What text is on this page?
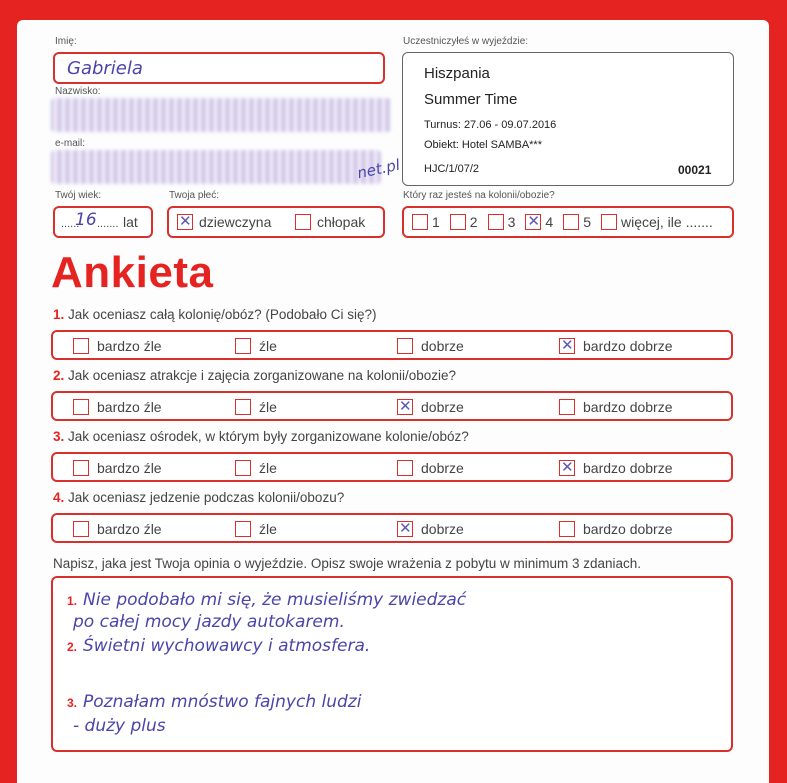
Imię:
Gabriela
Nazwisko:
e-mail:
net.pl
Uczestniczyłeś w wyjeździe:
Hiszpania
Summer Time
Turnus: 27.06 - 09.07.2016
Obiekt: Hotel SAMBA***
HJC/1/07/2	00021
Twój wiek:
......
16 ....... lat
Twoja płeć:
✕
dziewczyna	chłopak
Który raz jesteś na kolonii/obozie?
1 2 3 ✕ 4 5 więcej, ile .......
Ankieta
1. Jak oceniasz całą kolonię/obóz? (Podobało Ci się?)
bardzo źle	źle	dobrze ✕	bardzo dobrze
2. Jak oceniasz atrakcje i zajęcia zorganizowane na kolonii/obozie?
bardzo źle	źle ✕	dobrze	bardzo dobrze
3. Jak oceniasz ośrodek, w którym były zorganizowane kolonie/obóz?
bardzo źle	źle	dobrze ✕	bardzo dobrze
4. Jak oceniasz jedzenie podczas kolonii/obozu?
bardzo źle	źle ✕	dobrze	bardzo dobrze
Napisz, jaka jest Twoja opinia o wyjeździe. Opisz swoje wrażenia z pobytu w minimum 3 zdaniach.
1. Nie podobało mi się, że musieliśmy zwiedzać
po całej mocy jazdy autokarem.
2. Świetni wychowawcy i atmosfera.
3. Poznałam mnóstwo fajnych ludzi
- duży plus
